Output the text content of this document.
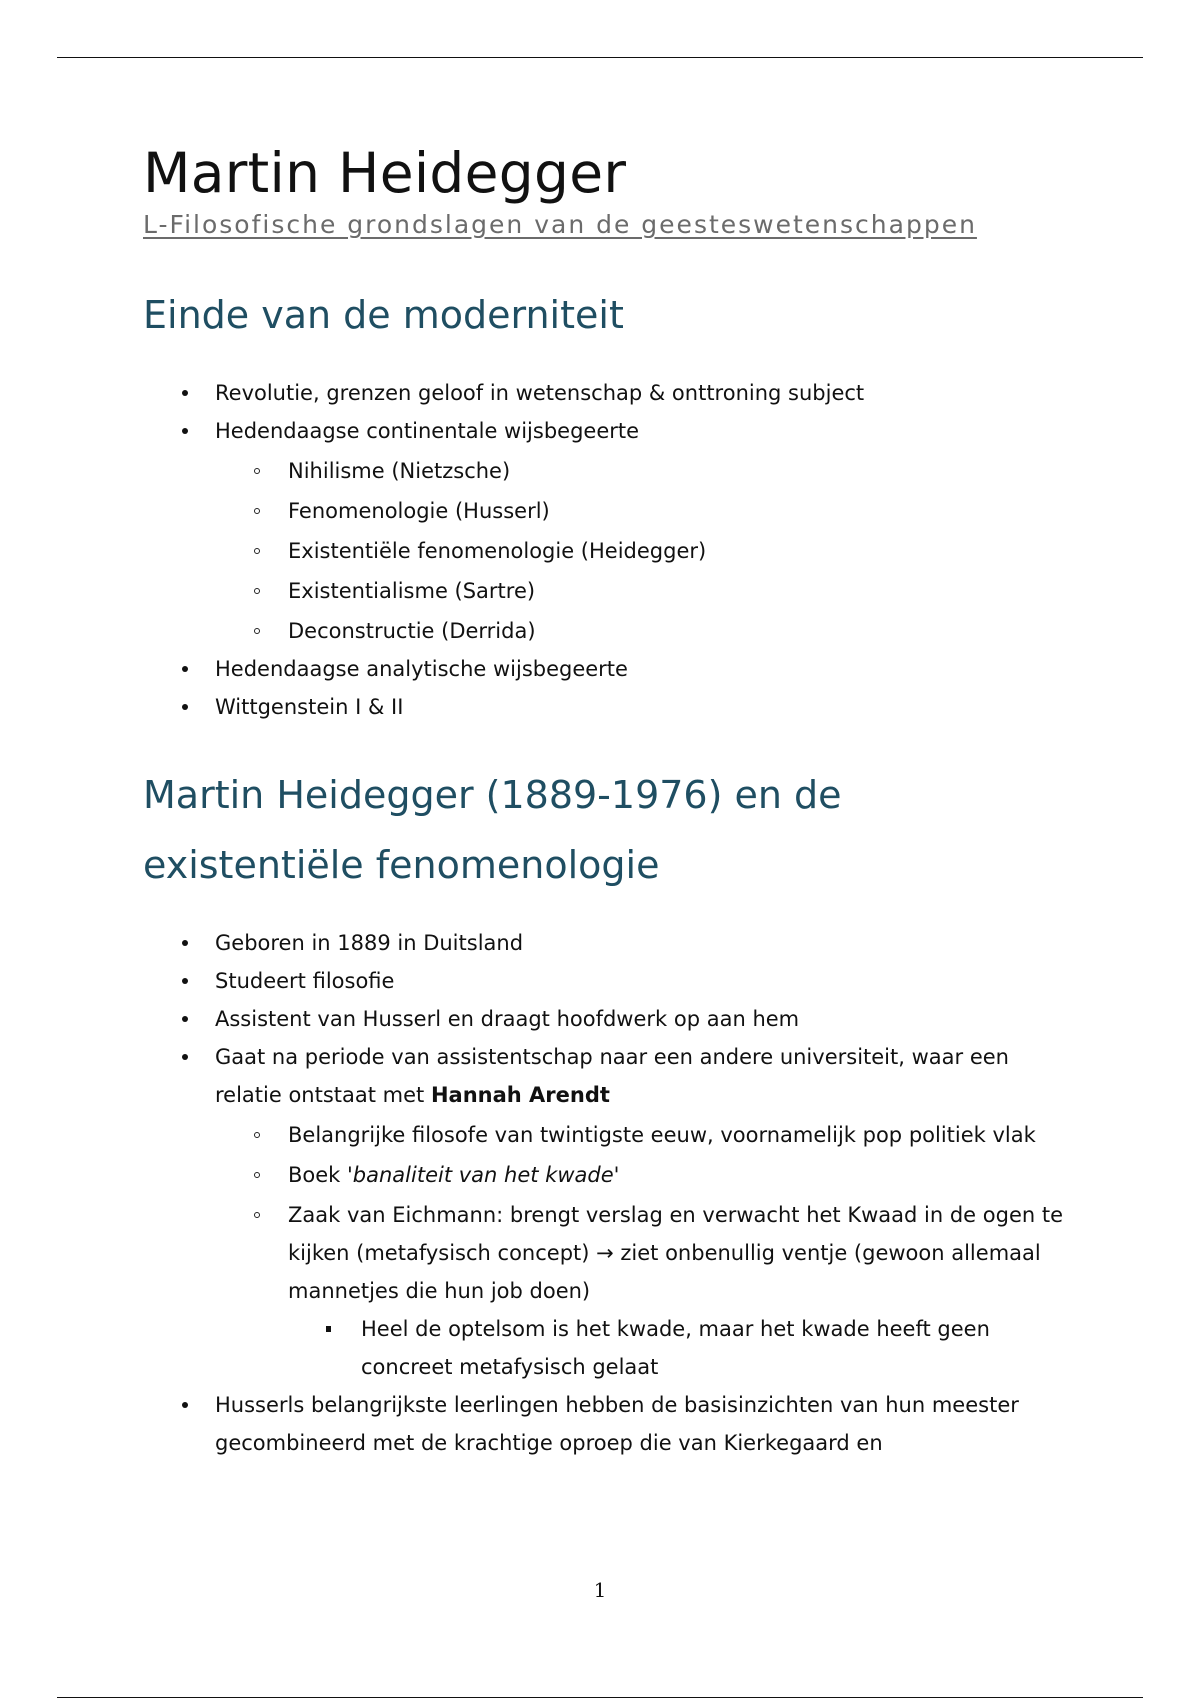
Martin Heidegger
L-Filosofische grondslagen van de geesteswetenschappen
Einde van de moderniteit
Revolutie, grenzen geloof in wetenschap & onttroning subject
Hedendaagse continentale wijsbegeerte
Nihilisme (Nietzsche)
Fenomenologie (Husserl)
Existentiële fenomenologie (Heidegger)
Existentialisme (Sartre)
Deconstructie (Derrida)
Hedendaagse analytische wijsbegeerte
Wittgenstein I & II
Martin Heidegger (1889-1976) en de existentiële fenomenologie
Geboren in 1889 in Duitsland
Studeert filosofie
Assistent van Husserl en draagt hoofdwerk op aan hem
Gaat na periode van assistentschap naar een andere universiteit, waar een relatie ontstaat met Hannah Arendt
Belangrijke filosofe van twintigste eeuw, voornamelijk pop politiek vlak
Boek 'banaliteit van het kwade'
Zaak van Eichmann: brengt verslag en verwacht het Kwaad in de ogen te kijken (metafysisch concept) → ziet onbenullig ventje (gewoon allemaal mannetjes die hun job doen)
Heel de optelsom is het kwade, maar het kwade heeft geen concreet metafysisch gelaat
Husserls belangrijkste leerlingen hebben de basisinzichten van hun meester gecombineerd met de krachtige oproep die van Kierkegaard en
1
